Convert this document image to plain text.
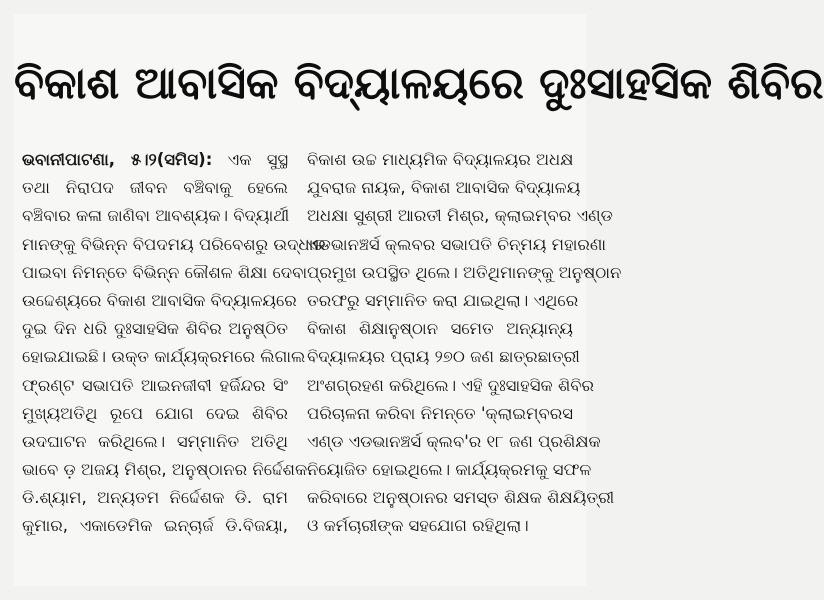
ବିକାଶ ଆବାସିକ ବିଦ୍ୟାଳୟରେ ଦୁଃସାହସିକ ଶିବିର
ଭବାନୀପାଟଣା, ୫।୨(ସମିସ): ଏକ ସୁସ୍ଥ
ତଥା ନିରାପଦ ଜୀବନ ବଞ୍ଚିବାକୁ ହେଲେ
ବଞ୍ଚିବାର କଳା ଜାଣିବା ଆବଶ୍ୟକ। ବିଦ୍ୟାର୍ଥୀ
ମାନଙ୍କୁ ବିଭିନ୍ନ ବିପଦମୟ ପରିବେଶରୁ ଉଦ୍ଧାର
ପାଇବା ନିମନ୍ତେ ବିଭିନ୍ନ କୌଶଳ ଶିକ୍ଷା ଦେବା
ଉଦ୍ଦେଶ୍ୟରେ ବିକାଶ ଆବାସିକ ବିଦ୍ୟାଳୟରେ
ଦୁଇ ଦିନ ଧରି ଦୁଃସାହସିକ ଶିବିର ଅନୁଷ୍ଠିତ
ହୋଇଯାଇଛି। ଉକ୍ତ କାର୍ଯ୍ୟକ୍ରମରେ ଲିଗାଲ
ଫ୍ରଣ୍ଟ ସଭାପତି ଆଇନଜୀବୀ ହର୍ଜିନ୍ଦର ସିଂ
ମୁଖ୍ୟଅତିଥି ରୂପେ ଯୋଗ ଦେଇ ଶିବିର
ଉଦଘାଟନ କରିଥିଲେ। ସମ୍ମାନିତ ଅତିଥି
ଭାବେ ଡ଼ ଅଜୟ ମିଶ୍ର, ଅନୁଷ୍ଠାନର ନିର୍ଦ୍ଦେଶକ
ଡି.ଶ୍ୟାମ, ଅନ୍ୟତମ ନିର୍ଦ୍ଦେଶକ ଡି. ରାମ
କୁମାର, ଏକାଡେମିକ ଇନ୍‌ଚାର୍ଜ ଡି.ବିଜୟା,
ବିକାଶ ଉଚ୍ଚ ମାଧ୍ୟମିକ ବିଦ୍ୟାଳୟର ଅଧକ୍ଷ
ଯୁବରାଜ ନାୟକ, ବିକାଶ ଆବାସିକ ବିଦ୍ୟାଳୟ
ଅଧକ୍ଷା ସୁଶ୍ରୀ ଆରତୀ ମିଶ୍ର, କ୍ଲାଇମ୍ବର ଏଣ୍ଡ
ଏଡଭାନଞ୍ଚର୍ସ କ୍ଲବର ସଭାପତି ଚିନ୍ମୟ ମହାରଣା
ପ୍ରମୁଖ ଉପସ୍ଥିତ ଥିଲେ। ଅତିଥିମାନଙ୍କୁ ଅନୁଷ୍ଠାନ
ତରଫରୁ ସମ୍ମାନିତ କରା ଯାଇଥିଲା। ଏଥିରେ
ବିକାଶ ଶିକ୍ଷାନୁଷ୍ଠାନ ସମେତ ଅନ୍ୟାନ୍ୟ
ବିଦ୍ୟାଳୟର ପ୍ରାୟ ୨୭୦ ଜଣ ଛାତ୍ରଛାତ୍ରୀ
ଅଂଶଗ୍ରହଣ କରିଥିଲେ। ଏହି ଦୁଃସାହସିକ ଶିବିର
ପରିଚାଳନା କରିବା ନିମନ୍ତେ 'କ୍ଲାଇମ୍ବରସ
ଏଣ୍ଡ ଏଡଭାନଞ୍ଚର୍ସ କ୍ଲବ'ର ୧୮ ଜଣ ପ୍ରଶିକ୍ଷକ
ନିୟୋଜିତ ହୋଇଥିଲେ। କାର୍ଯ୍ୟକ୍ରମକୁ ସଫଳ
କରିବାରେ ଅନୁଷ୍ଠାନର ସମସ୍ତ ଶିକ୍ଷକ ଶିକ୍ଷୟିତ୍ରୀ
ଓ କର୍ମଚାରୀଙ୍କ ସହଯୋଗ ରହିଥିଲା।
